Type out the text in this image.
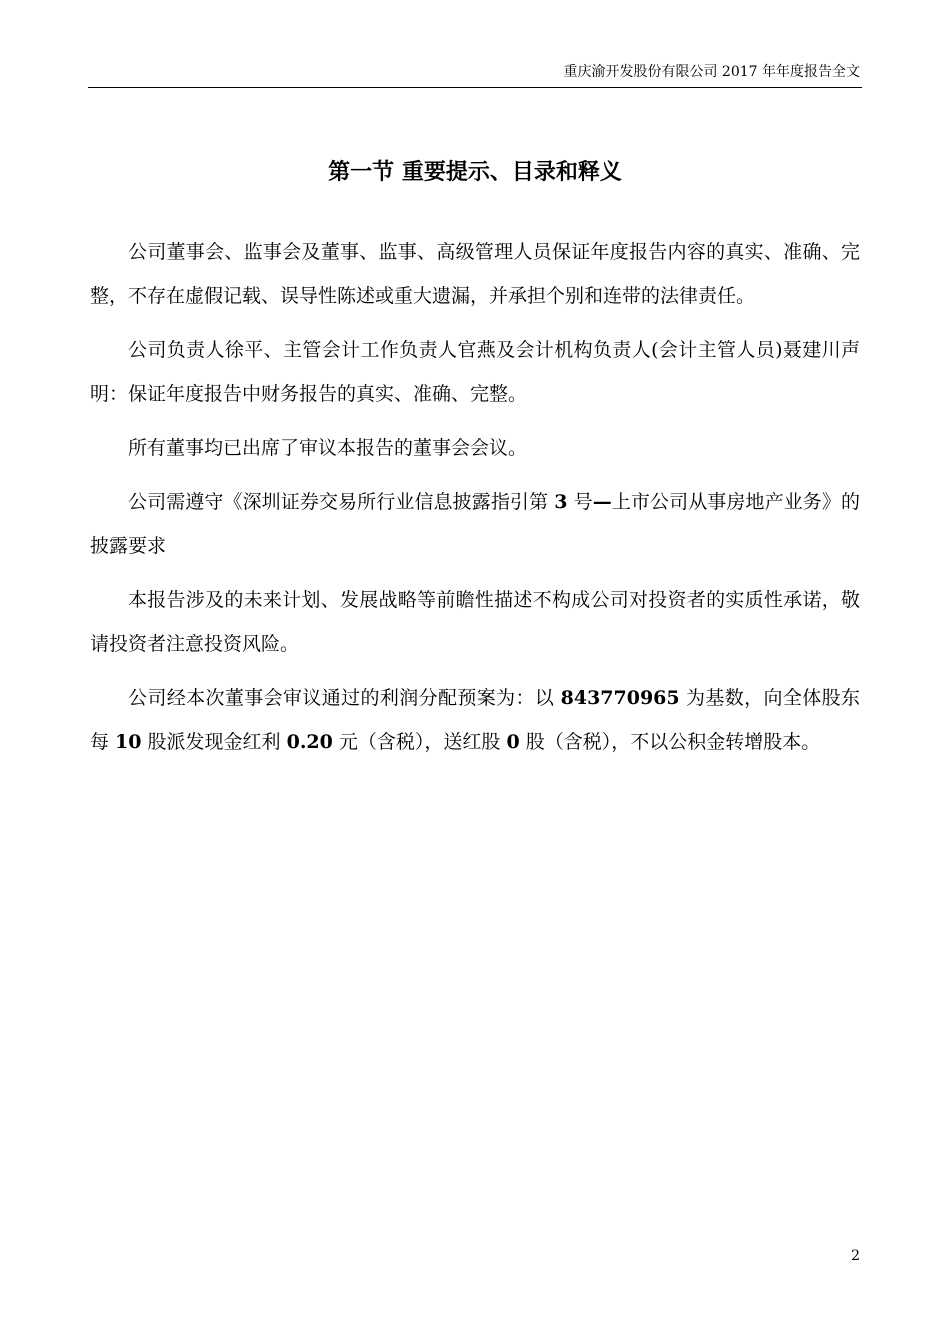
重庆渝开发股份有限公司 2017 年年度报告全文
第一节 重要提示、目录和释义

公司董事会、监事会及董事、监事、高级管理人员保证年度报告内容的真实、准确、完整，不存在虚假记载、误导性陈述或重大遗漏，并承担个别和连带的法律责任。

公司负责人徐平、主管会计工作负责人官燕及会计机构负责人(会计主管人员)聂建川声明：保证年度报告中财务报告的真实、准确、完整。

所有董事均已出席了审议本报告的董事会会议。

公司需遵守《深圳证券交易所行业信息披露指引第 3 号—上市公司从事房地产业务》的披露要求

本报告涉及的未来计划、发展战略等前瞻性描述不构成公司对投资者的实质性承诺，敬请投资者注意投资风险。

公司经本次董事会审议通过的利润分配预案为：以 843770965 为基数，向全体股东每 10 股派发现金红利 0.20 元（含税），送红股 0 股（含税），不以公积金转增股本。

2
